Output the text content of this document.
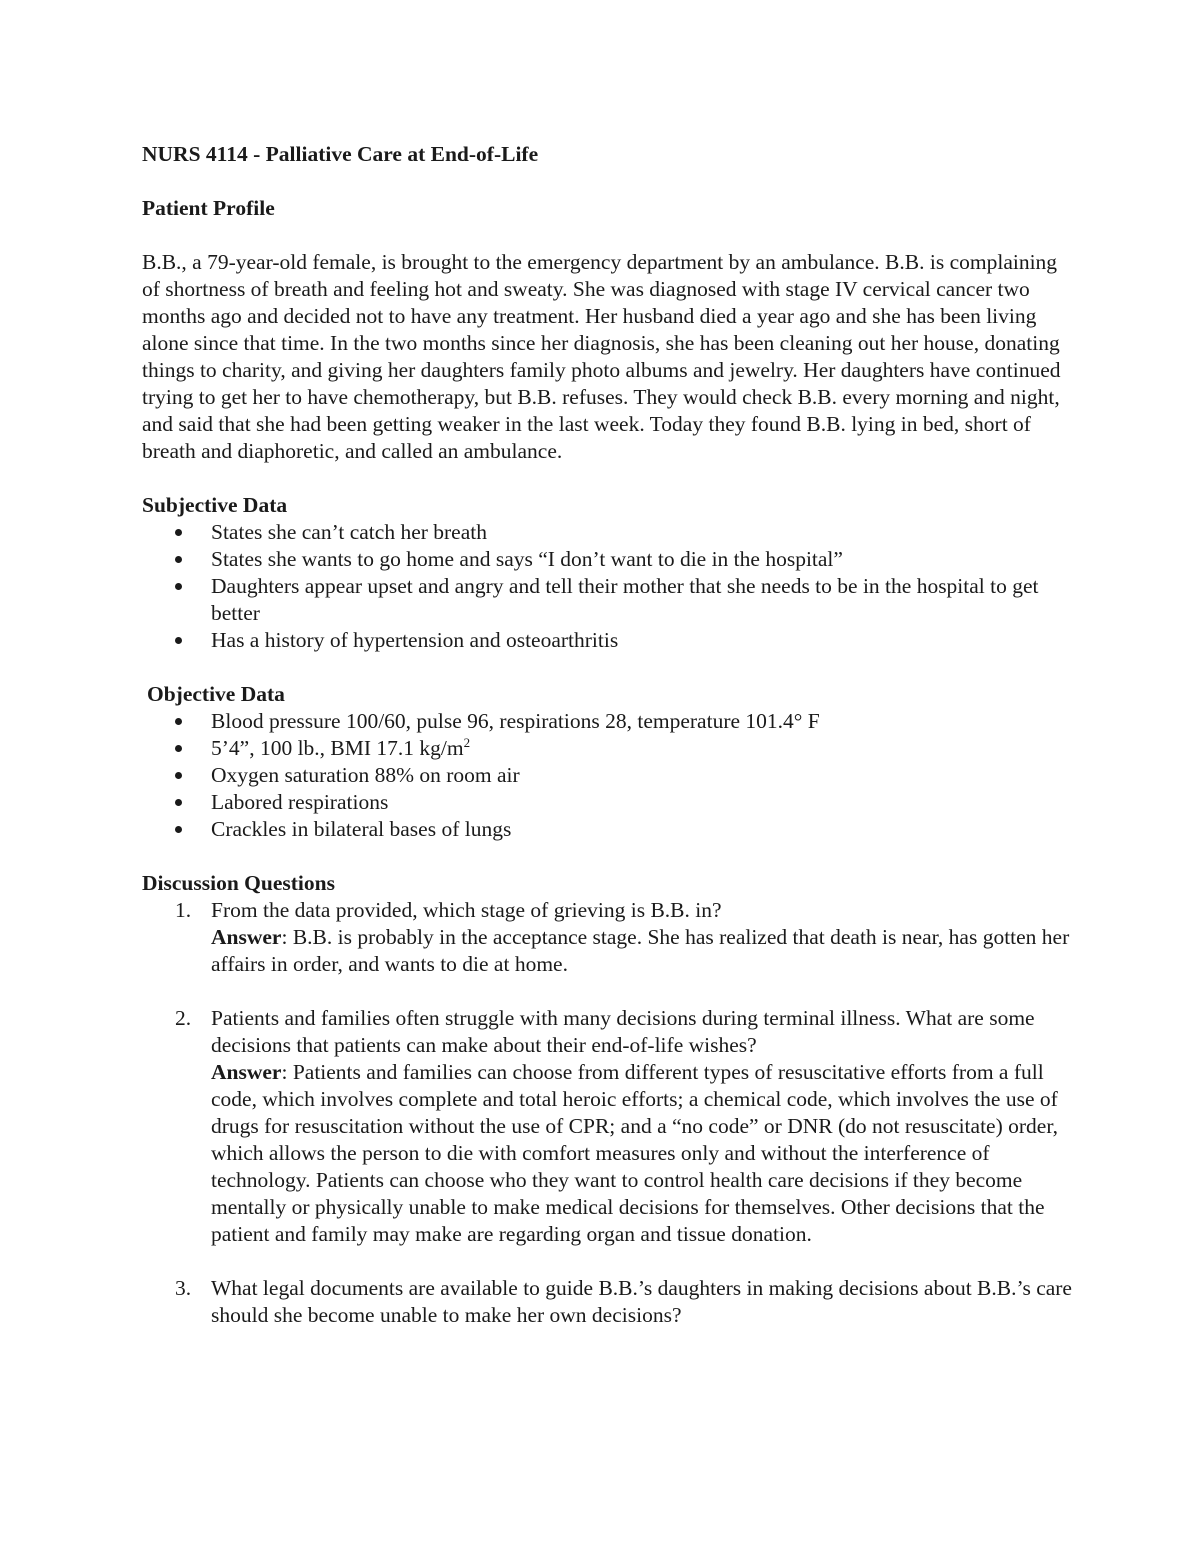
NURS 4114 - Palliative Care at End-of-Life
Patient Profile
B.B., a 79-year-old female, is brought to the emergency department by an ambulance. B.B. is complaining of shortness of breath and feeling hot and sweaty. She was diagnosed with stage IV cervical cancer two months ago and decided not to have any treatment. Her husband died a year ago and she has been living alone since that time. In the two months since her diagnosis, she has been cleaning out her house, donating things to charity, and giving her daughters family photo albums and jewelry. Her daughters have continued trying to get her to have chemotherapy, but B.B. refuses. They would check B.B. every morning and night, and said that she had been getting weaker in the last week. Today they found B.B. lying in bed, short of breath and diaphoretic, and called an ambulance.
Subjective Data
States she can’t catch her breath
States she wants to go home and says “I don’t want to die in the hospital”
Daughters appear upset and angry and tell their mother that she needs to be in the hospital to get better
Has a history of hypertension and osteoarthritis
Objective Data
Blood pressure 100/60, pulse 96, respirations 28, temperature 101.4° F
5’4”, 100 lb., BMI 17.1 $kg/m^2$
Oxygen saturation 88% on room air
Labored respirations
Crackles in bilateral bases of lungs
Discussion Questions
1. From the data provided, which stage of grieving is B.B. in?
Answer: B.B. is probably in the acceptance stage. She has realized that death is near, has gotten her affairs in order, and wants to die at home.
2. Patients and families often struggle with many decisions during terminal illness. What are some decisions that patients can make about their end-of-life wishes?
Answer: Patients and families can choose from different types of resuscitative efforts from a full code, which involves complete and total heroic efforts; a chemical code, which involves the use of drugs for resuscitation without the use of CPR; and a “no code” or DNR (do not resuscitate) order, which allows the person to die with comfort measures only and without the interference of technology. Patients can choose who they want to control health care decisions if they become mentally or physically unable to make medical decisions for themselves. Other decisions that the patient and family may make are regarding organ and tissue donation.
3. What legal documents are available to guide B.B.’s daughters in making decisions about B.B.’s care should she become unable to make her own decisions?
